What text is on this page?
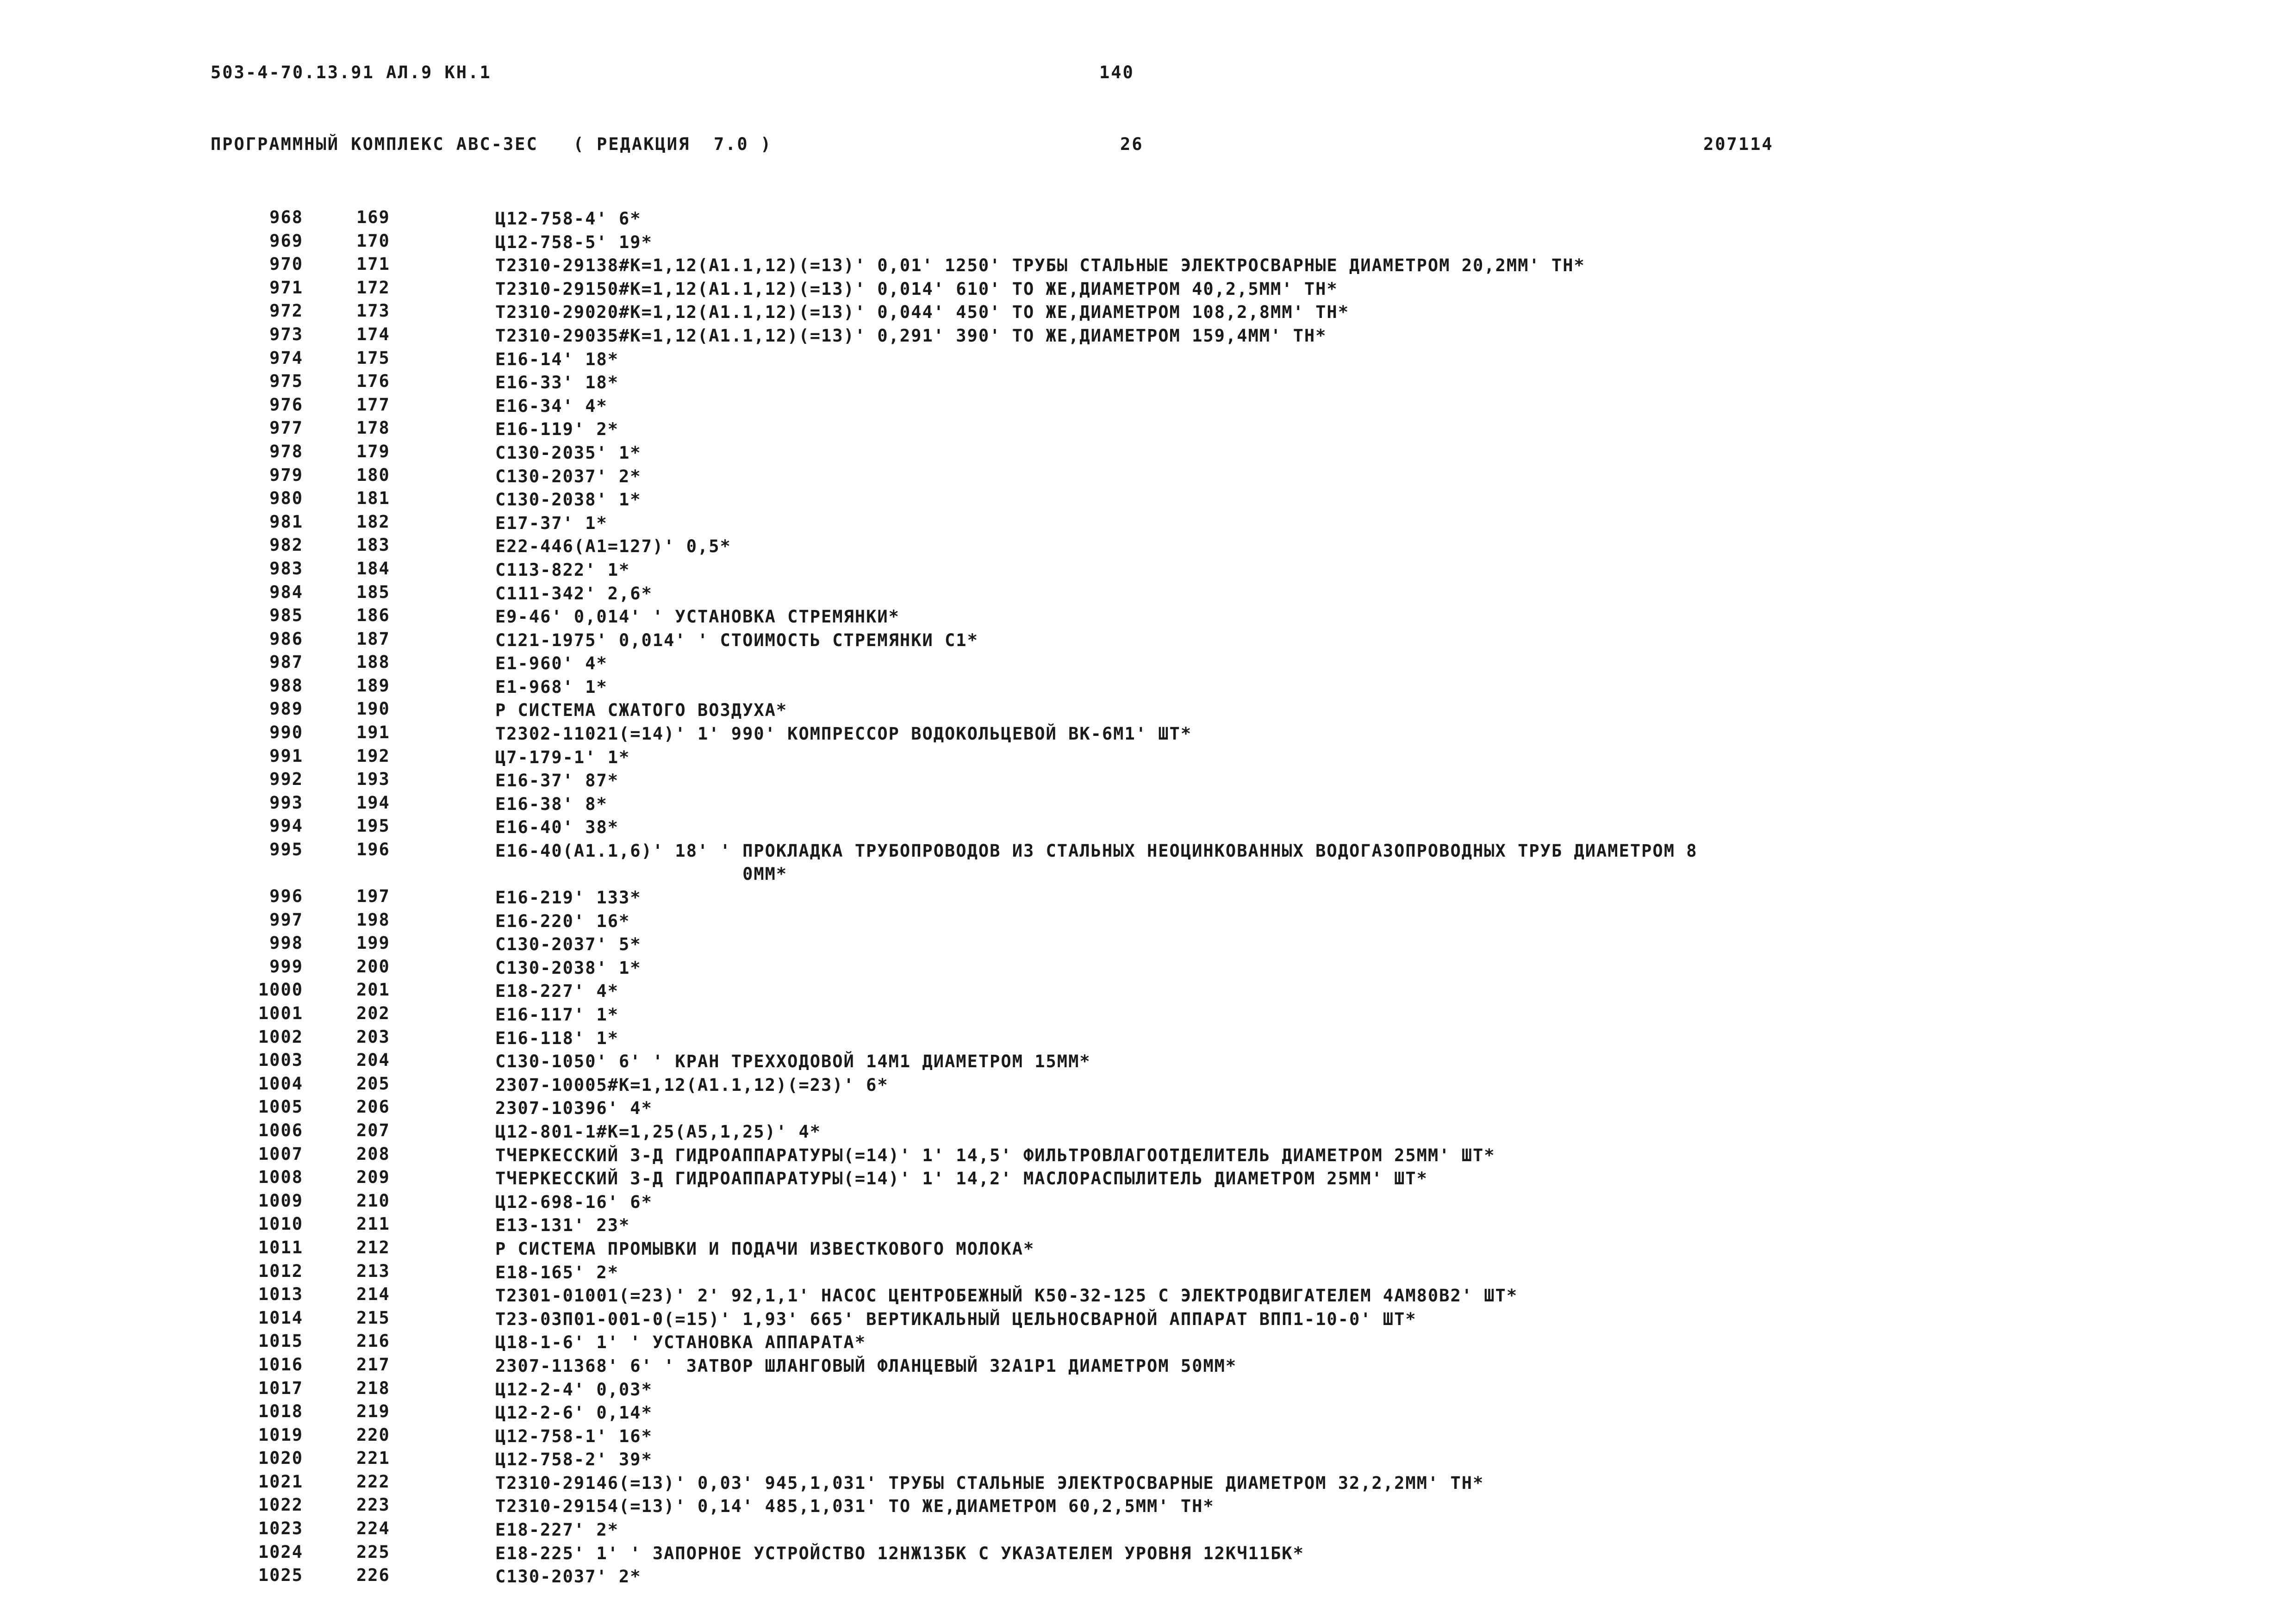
503-4-70.13.91 АЛ.9 КН.1	140
ПРОГРАММНЫЙ КОМПЛЕКС АВС-3ЕС   ( РЕДАКЦИЯ  7.0 )	26	207114
968	169	Ц12-758-4' 6*
969	170	Ц12-758-5' 19*
970	171	Т2310-29138#К=1,12(А1.1,12)(=13)' 0,01' 1250' ТРУБЫ СТАЛЬНЫЕ ЭЛЕКТРОСВАРНЫЕ ДИАМЕТРОМ 20,2ММ' ТН*
971	172	Т2310-29150#К=1,12(А1.1,12)(=13)' 0,014' 610' ТО ЖЕ,ДИАМЕТРОМ 40,2,5ММ' ТН*
972	173	Т2310-29020#К=1,12(А1.1,12)(=13)' 0,044' 450' ТО ЖЕ,ДИАМЕТРОМ 108,2,8ММ' ТН*
973	174	Т2310-29035#К=1,12(А1.1,12)(=13)' 0,291' 390' ТО ЖЕ,ДИАМЕТРОМ 159,4ММ' ТН*
974	175	Е16-14' 18*
975	176	Е16-33' 18*
976	177	Е16-34' 4*
977	178	Е16-119' 2*
978	179	С130-2035' 1*
979	180	С130-2037' 2*
980	181	С130-2038' 1*
981	182	Е17-37' 1*
982	183	Е22-446(А1=127)' 0,5*
983	184	С113-822' 1*
984	185	С111-342' 2,6*
985	186	Е9-46' 0,014' ' УСТАНОВКА СТРЕМЯНКИ*
986	187	С121-1975' 0,014' ' СТОИМОСТЬ СТРЕМЯНКИ С1*
987	188	Е1-960' 4*
988	189	Е1-968' 1*
989	190	Р СИСТЕМА СЖАТОГО ВОЗДУХА*
990	191	Т2302-11021(=14)' 1' 990' КОМПРЕССОР ВОДОКОЛЬЦЕВОЙ ВК-6М1' ШТ*
991	192	Ц7-179-1' 1*
992	193	Е16-37' 87*
993	194	Е16-38' 8*
994	195	Е16-40' 38*
995	196	Е16-40(А1.1,6)' 18' ' ПРОКЛАДКА ТРУБОПРОВОДОВ ИЗ СТАЛЬНЫХ НЕОЦИНКОВАННЫХ ВОДОГАЗОПРОВОДНЫХ ТРУБ ДИАМЕТРОМ 8
0ММ*
996	197	Е16-219' 133*
997	198	Е16-220' 16*
998	199	С130-2037' 5*
999	200	С130-2038' 1*
1000	201	Е18-227' 4*
1001	202	Е16-117' 1*
1002	203	Е16-118' 1*
1003	204	С130-1050' 6' ' КРАН ТРЕХХОДОВОЙ 14М1 ДИАМЕТРОМ 15ММ*
1004	205	2307-10005#К=1,12(А1.1,12)(=23)' 6*
1005	206	2307-10396' 4*
1006	207	Ц12-801-1#К=1,25(А5,1,25)' 4*
1007	208	ТЧЕРКЕССКИЙ З-Д ГИДРОАППАРАТУРЫ(=14)' 1' 14,5' ФИЛЬТРОВЛАГООТДЕЛИТЕЛЬ ДИАМЕТРОМ 25ММ' ШТ*
1008	209	ТЧЕРКЕССКИЙ З-Д ГИДРОАППАРАТУРЫ(=14)' 1' 14,2' МАСЛОРАСПЫЛИТЕЛЬ ДИАМЕТРОМ 25ММ' ШТ*
1009	210	Ц12-698-16' 6*
1010	211	Е13-131' 23*
1011	212	Р СИСТЕМА ПРОМЫВКИ И ПОДАЧИ ИЗВЕСТКОВОГО МОЛОКА*
1012	213	Е18-165' 2*
1013	214	Т2301-01001(=23)' 2' 92,1,1' НАСОС ЦЕНТРОБЕЖНЫЙ К50-32-125 С ЭЛЕКТРОДВИГАТЕЛЕМ 4АМ80В2' ШТ*
1014	215	Т23-03П01-001-0(=15)' 1,93' 665' ВЕРТИКАЛЬНЫЙ ЦЕЛЬНОСВАРНОЙ АППАРАТ ВПП1-10-0' ШТ*
1015	216	Ц18-1-6' 1' ' УСТАНОВКА АППАРАТА*
1016	217	2307-11368' 6' ' ЗАТВОР ШЛАНГОВЫЙ ФЛАНЦЕВЫЙ 32А1Р1 ДИАМЕТРОМ 50ММ*
1017	218	Ц12-2-4' 0,03*
1018	219	Ц12-2-6' 0,14*
1019	220	Ц12-758-1' 16*
1020	221	Ц12-758-2' 39*
1021	222	Т2310-29146(=13)' 0,03' 945,1,031' ТРУБЫ СТАЛЬНЫЕ ЭЛЕКТРОСВАРНЫЕ ДИАМЕТРОМ 32,2,2ММ' ТН*
1022	223	Т2310-29154(=13)' 0,14' 485,1,031' ТО ЖЕ,ДИАМЕТРОМ 60,2,5ММ' ТН*
1023	224	Е18-227' 2*
1024	225	Е18-225' 1' ' ЗАПОРНОЕ УСТРОЙСТВО 12НЖ13БК С УКАЗАТЕЛЕМ УРОВНЯ 12КЧ11БК*
1025	226	С130-2037' 2*
